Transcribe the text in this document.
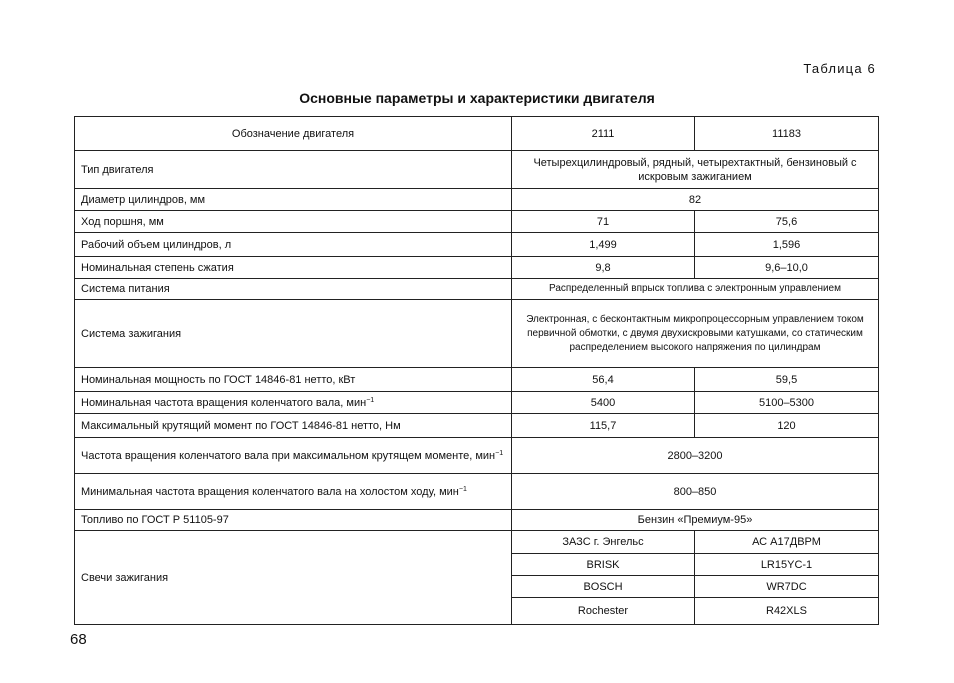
Таблица 6
Основные параметры и характеристики двигателя
Обозначение двигателя	2111	11183
Тип двигателя	Четырехцилиндровый, рядный, четырехтактный, бензиновый с искровым зажиганием	
Диаметр цилиндров, мм	82	
Ход поршня, мм	71	75,6
Рабочий объем цилиндров, л	1,499	1,596
Номинальная степень сжатия	9,8	9,6–10,0
Система питания	Распределенный впрыск топлива с электронным управлением	
Система зажигания	Электронная, с бесконтактным микропроцессорным управлением током первичной обмотки, с двумя двухискровыми катушками, со статическим распределением высокого напряжения по цилиндрам	
Номинальная мощность по ГОСТ 14846-81 нетто, кВт	56,4	59,5
Номинальная частота вращения коленчатого вала, мин$^{-1}$	5400	5100–5300
Максимальный крутящий момент по ГОСТ 14846-81 нетто, Нм	115,7	120
Частота вращения коленчатого вала при максимальном крутящем моменте, мин$^{-1}$	2800–3200	
Минимальная частота вращения коленчатого вала на холостом ходу, мин$^{-1}$	800–850	
Топливо по ГОСТ Р 51105-97	Бензин «Премиум-95»	
Свечи зажигания	ЗАЗС г. Энгельс	АС А17ДВРМ
	BRISK	LR15YC-1
	BOSCH	WR7DC
	Rochester	R42XLS
68
